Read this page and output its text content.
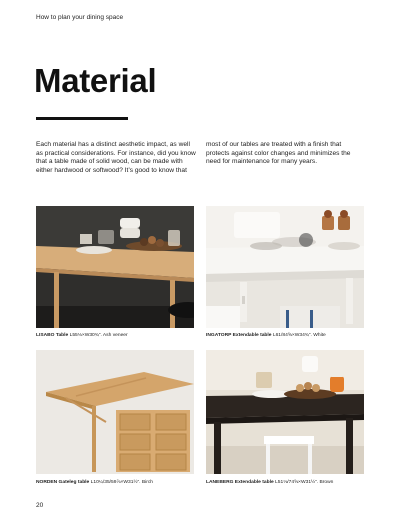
How to plan your dining space
Material

Each material has a distinct aesthetic impact, as well as practical considerations. For instance, did you know that a table made of solid wood, can be made with either hardwood or softwood? It’s good to know that

most of our tables are treated with a finish that protects against color changes and minimizes the need for maintenance for many years.

LISABO Table L55⅛×W30¾”. Ash veneer	INGATORP Extendable table L61/84⅝×W34¾”. White
NORDEN Gateleg table L10¼/35/59⅞×W31½”. Birch	LANEBERG Extendable table L51⅛/74⅝×W31½”. Brown
20
